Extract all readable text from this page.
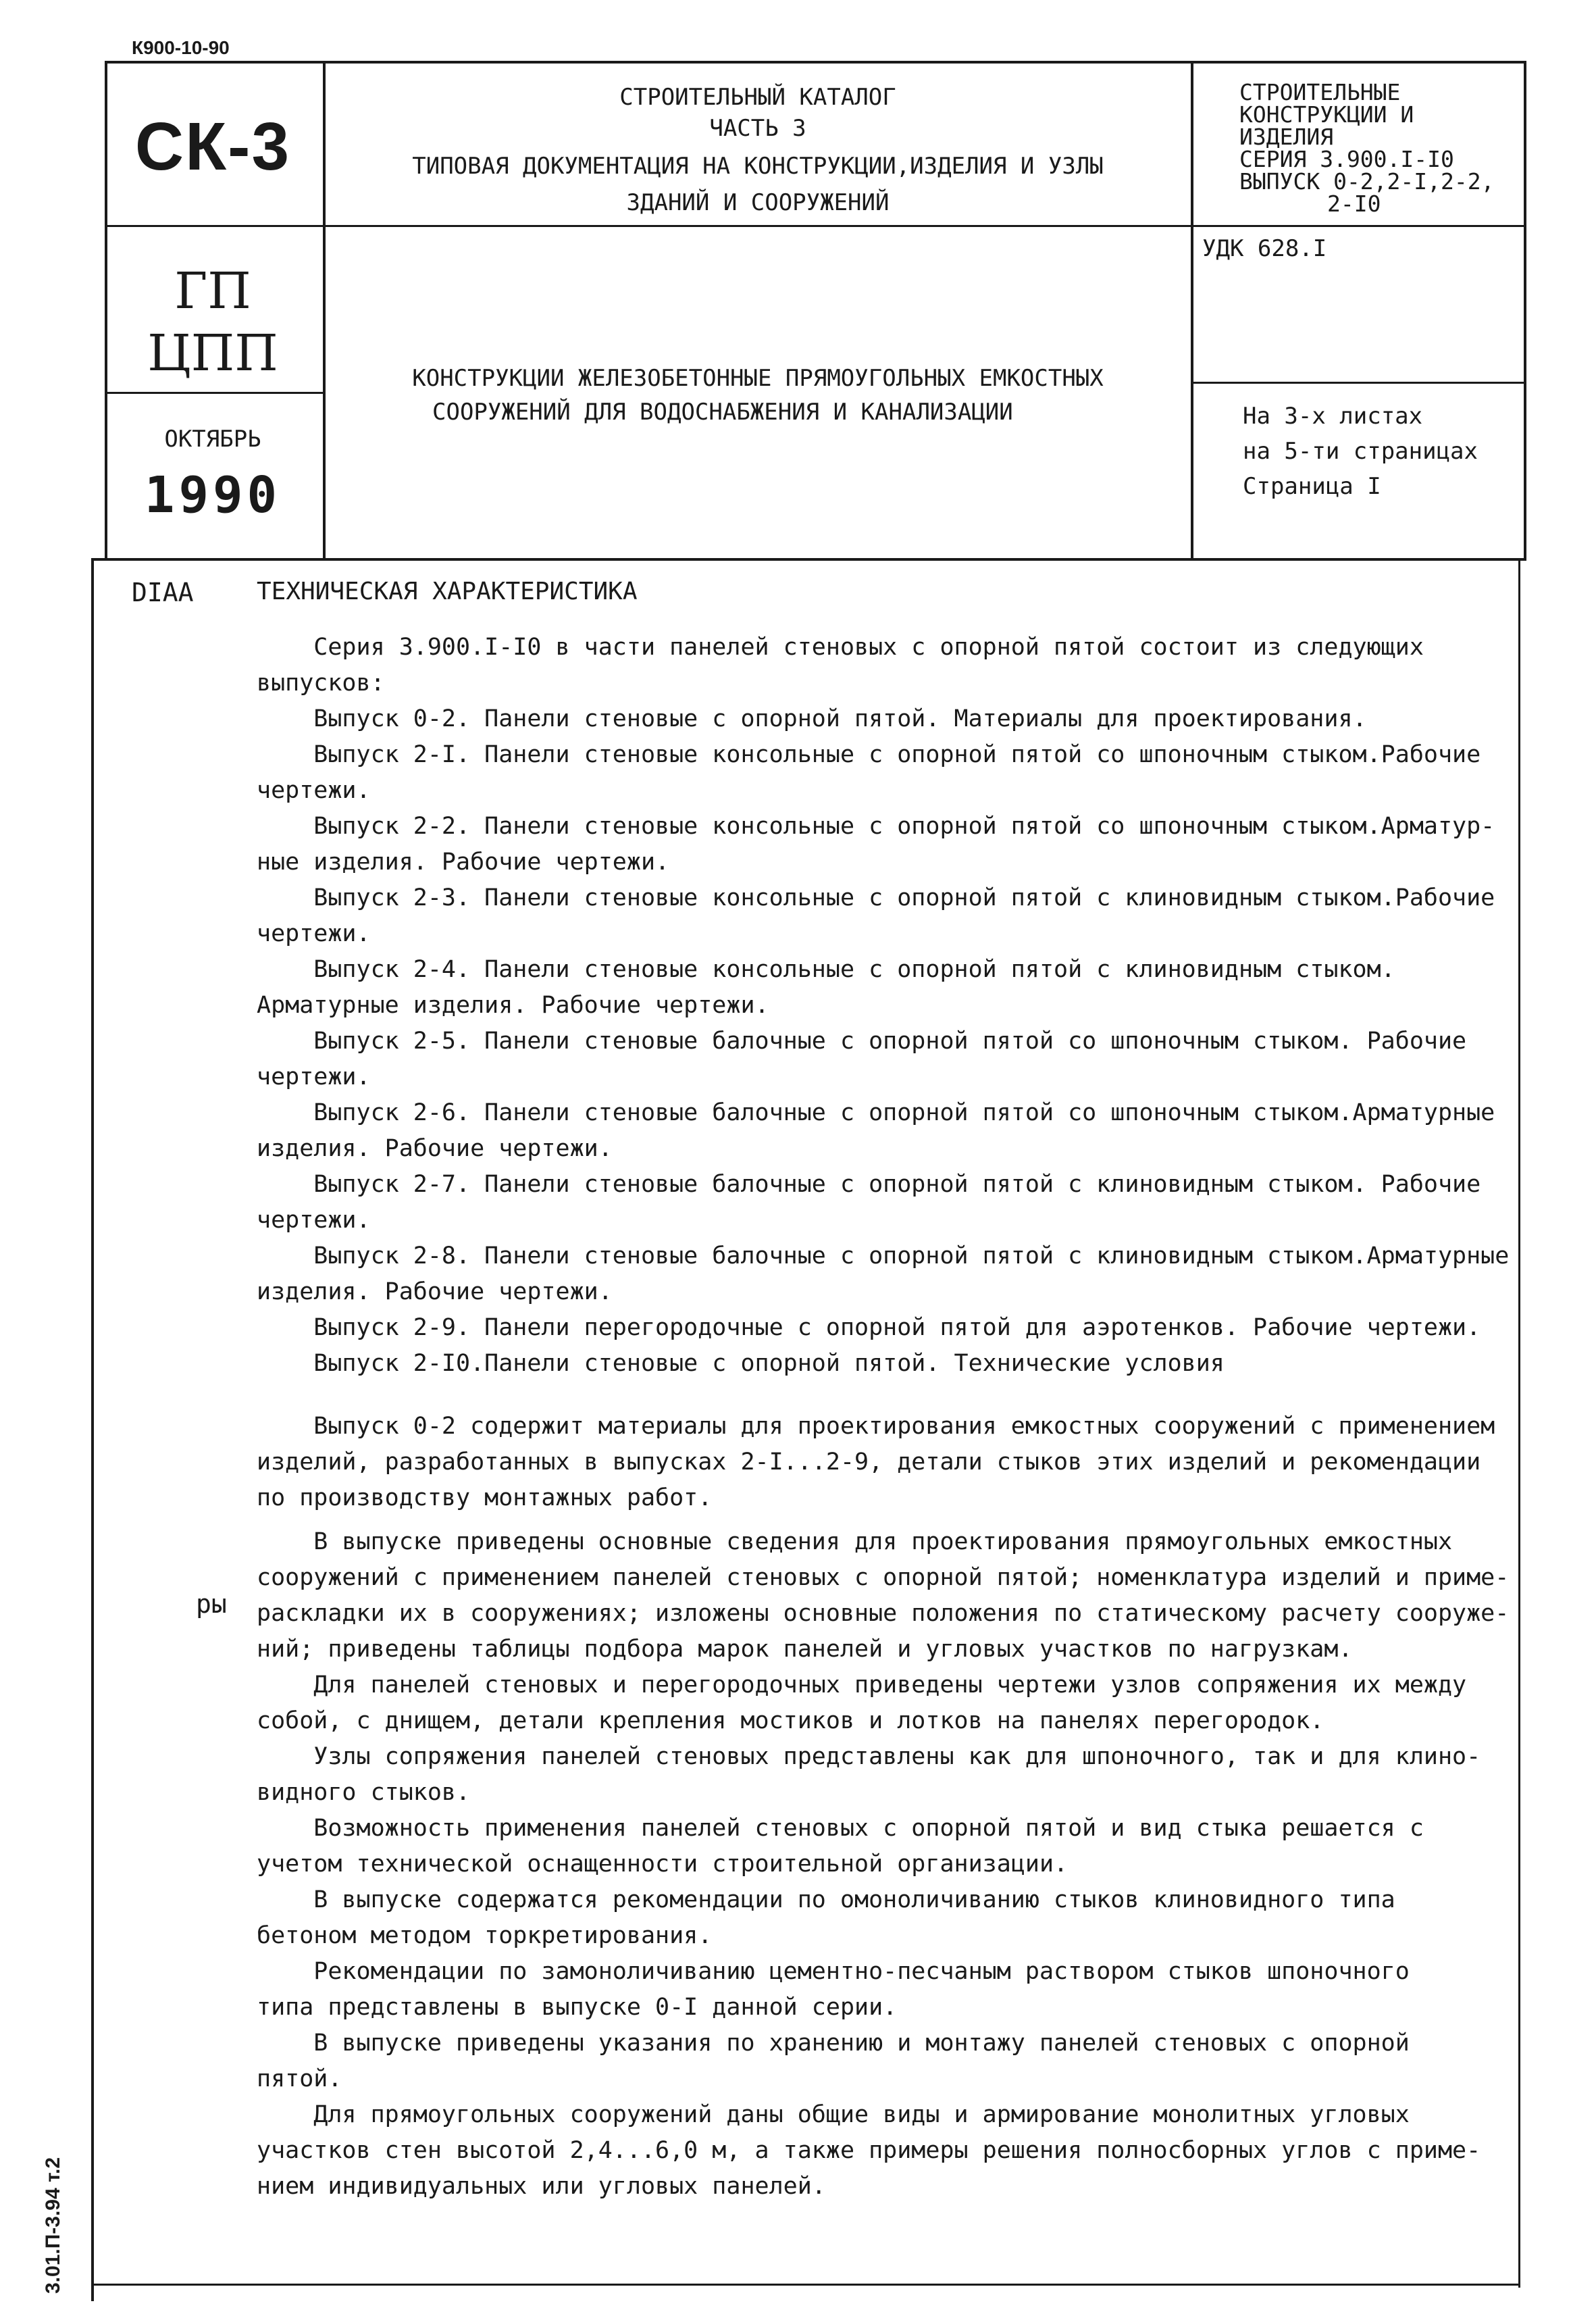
К900-10-90
СК-3
СТРОИТЕЛЬНЫЙ КАТАЛОГ
ЧАСТЬ 3
ТИПОВАЯ ДОКУМЕНТАЦИЯ НА КОНСТРУКЦИИ,ИЗДЕЛИЯ И УЗЛЫ
ЗДАНИЙ И СООРУЖЕНИЙ
СТРОИТЕЛЬНЫЕ
КОНСТРУКЦИИ И
ИЗДЕЛИЯ
СЕРИЯ 3.900.I-I0
ВЫПУСК 0-2,2-I,2-2,
2-I0
ГП
ЦПП
УДК 628.I
КОНСТРУКЦИИ ЖЕЛЕЗОБЕТОННЫЕ ПРЯМОУГОЛЬНЫХ ЕМКОСТНЫХ
СООРУЖЕНИЙ ДЛЯ ВОДОСНАБЖЕНИЯ И КАНАЛИЗАЦИИ	На 3-х листах
на 5-ти страницах
Страница I
ОКТЯБРЬ
1990
DIAA	ТЕХНИЧЕСКАЯ ХАРАКТЕРИСТИКА
Серия 3.900.I-I0 в части панелей стеновых с опорной пятой состоит из следующих
выпусков:
Выпуск 0-2. Панели стеновые с опорной пятой. Материалы для проектирования.
Выпуск 2-I. Панели стеновые консольные с опорной пятой со шпоночным стыком.Рабочие
чертежи.
Выпуск 2-2. Панели стеновые консольные с опорной пятой со шпоночным стыком.Арматур-
ные изделия. Рабочие чертежи.
Выпуск 2-3. Панели стеновые консольные с опорной пятой с клиновидным стыком.Рабочие
чертежи.
Выпуск 2-4. Панели стеновые консольные с опорной пятой с клиновидным стыком.
Арматурные изделия. Рабочие чертежи.
Выпуск 2-5. Панели стеновые балочные с опорной пятой со шпоночным стыком. Рабочие
чертежи.
Выпуск 2-6. Панели стеновые балочные с опорной пятой со шпоночным стыком.Арматурные
изделия. Рабочие чертежи.
Выпуск 2-7. Панели стеновые балочные с опорной пятой с клиновидным стыком. Рабочие
чертежи.
Выпуск 2-8. Панели стеновые балочные с опорной пятой с клиновидным стыком.Арматурные
изделия. Рабочие чертежи.
Выпуск 2-9. Панели перегородочные с опорной пятой для аэротенков. Рабочие чертежи.
Выпуск 2-I0.Панели стеновые с опорной пятой. Технические условия
Выпуск 0-2 содержит материалы для проектирования емкостных сооружений с применением
изделий, разработанных в выпусках 2-I...2-9, детали стыков этих изделий и рекомендации
по производству монтажных работ.
В выпуске приведены основные сведения для проектирования прямоугольных емкостных
сооружений с применением панелей стеновых с опорной пятой; номенклатура изделий и приме-
раскладки их в сооружениях; изложены основные положения по статическому расчету сооруже-
ний; приведены таблицы подбора марок панелей и угловых участков по нагрузкам.
Для панелей стеновых и перегородочных приведены чертежи узлов сопряжения их между
собой, с днищем, детали крепления мостиков и лотков на панелях перегородок.
Узлы сопряжения панелей стеновых представлены как для шпоночного, так и для клино-
видного стыков.
Возможность применения панелей стеновых с опорной пятой и вид стыка решается с
учетом технической оснащенности строительной организации.
В выпуске содержатся рекомендации по омоноличиванию стыков клиновидного типа
бетоном методом торкретирования.
Рекомендации по замоноличиванию цементно-песчаным раствором стыков шпоночного
типа представлены в выпуске 0-I данной серии.
В выпуске приведены указания по хранению и монтажу панелей стеновых с опорной
пятой.
Для прямоугольных сооружений даны общие виды и армирование монолитных угловых
участков стен высотой 2,4...6,0 м, а также примеры решения полносборных углов с приме-
нием индивидуальных или угловых панелей.
ры
3.01.П-3.94 т.2
